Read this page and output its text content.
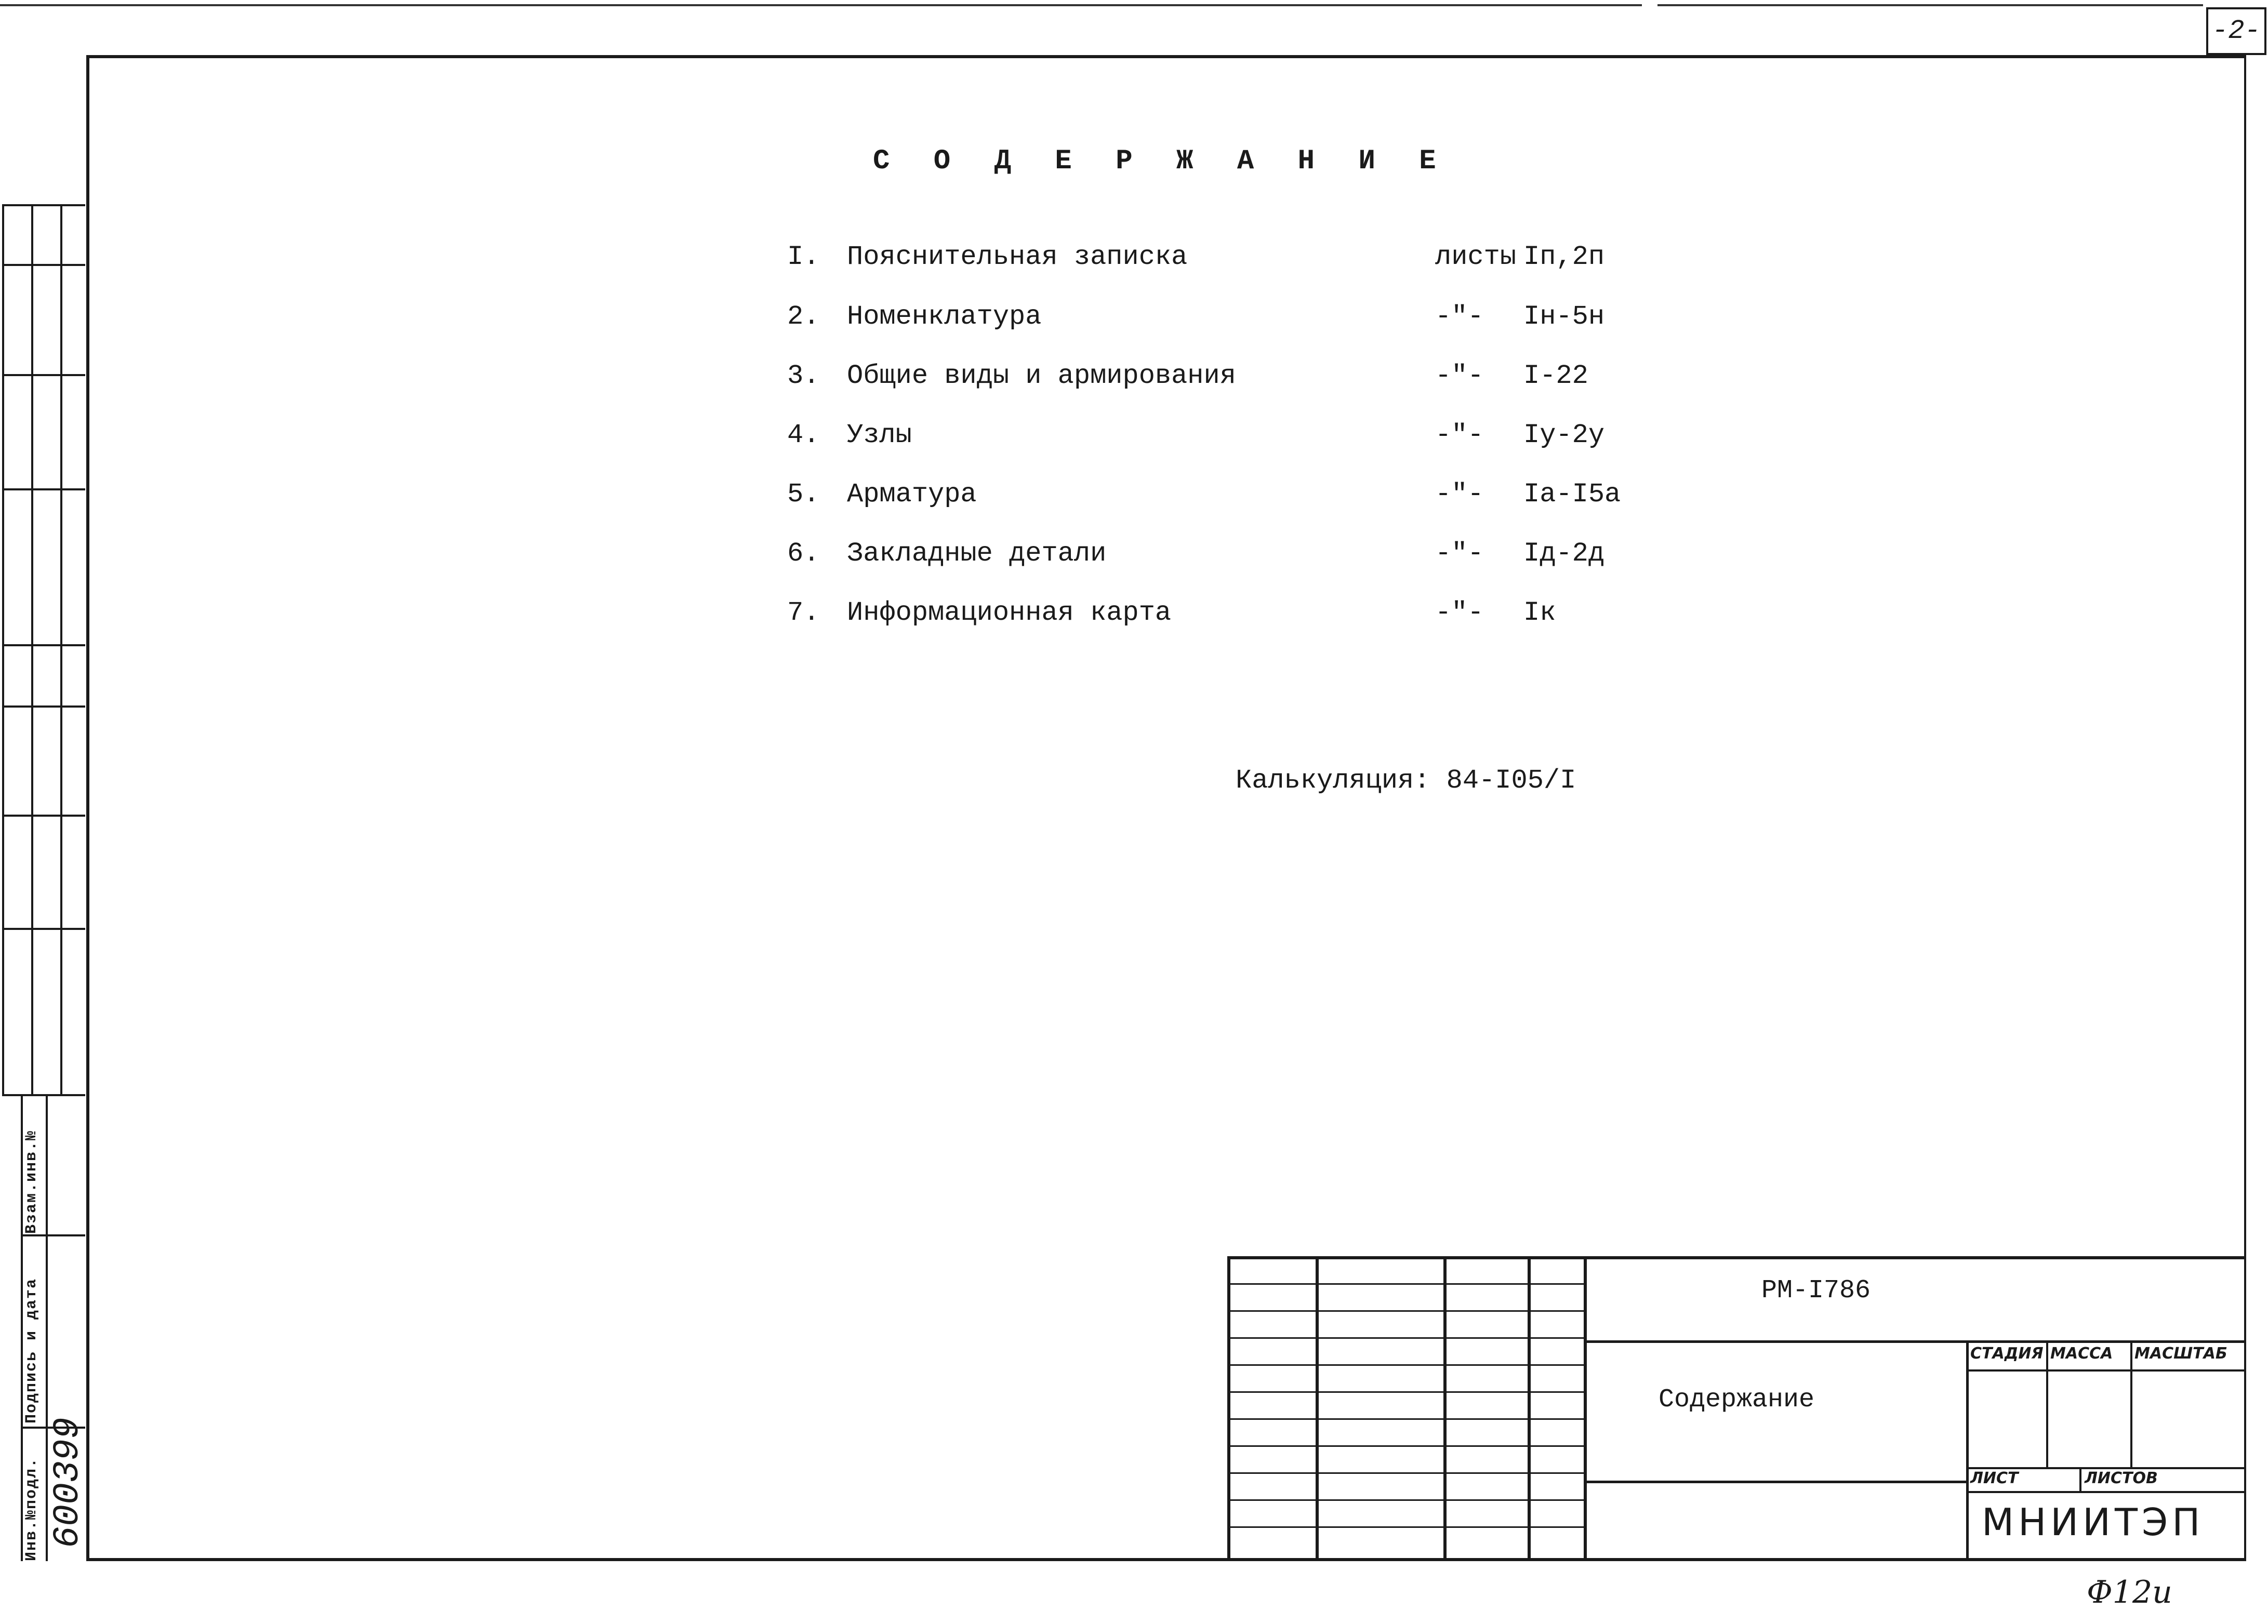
-2-
С О Д Е Р Ж А Н И Е
I. Пояснительная записка	листы Iп,2п
2. Номенклатура	-"- Iн-5н
3. Общие виды и армирования	-"- I-22
4. Узлы	-"- Iу-2у
5. Арматура	-"- Iа-I5а
6. Закладные детали	-"- Iд-2д
7. Информационная карта	-"- Iк
Калькуляция: 84-I05/I
Инв.№подл.
Подпись и дата
Взам.инв.№
600399
РМ-I786
Содержание
СТАДИЯ МАССА МАСШТАБ
ЛИСТ	ЛИСТОВ
МНИИТЭП
Ф12и
